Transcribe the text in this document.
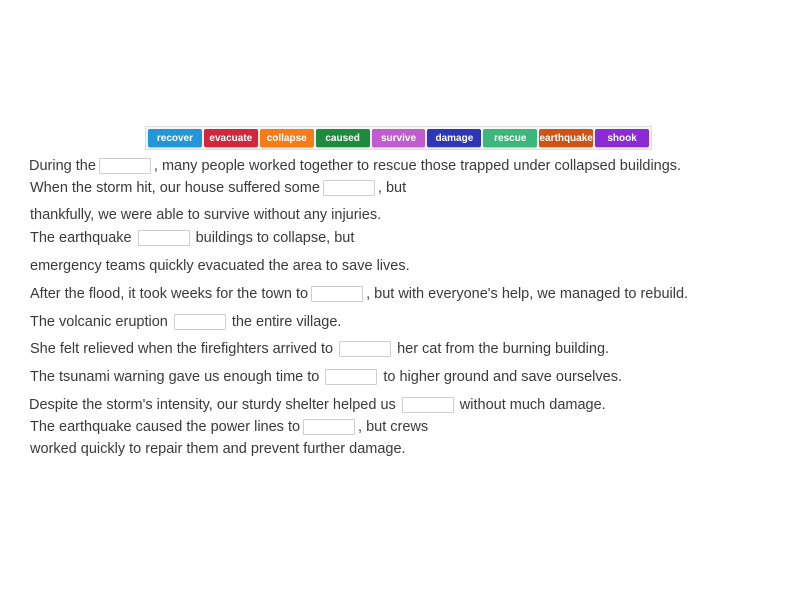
recover	evacuate	collapse	caused	survive	damage	rescue	earthquake	shook
During the	, many people worked together to rescue those trapped under collapsed buildings.
When the storm hit, our house suffered some	, but
thankfully, we were able to survive without any injuries.
The earthquake	buildings to collapse, but
emergency teams quickly evacuated the area to save lives.
After the flood, it took weeks for the town to	, but with everyone's help, we managed to rebuild.
The volcanic eruption	the entire village.
She felt relieved when the firefighters arrived to	her cat from the burning building.
The tsunami warning gave us enough time to	to higher ground and save ourselves.
Despite the storm's intensity, our sturdy shelter helped us	without much damage.
The earthquake caused the power lines to	, but crews
worked quickly to repair them and prevent further damage.
